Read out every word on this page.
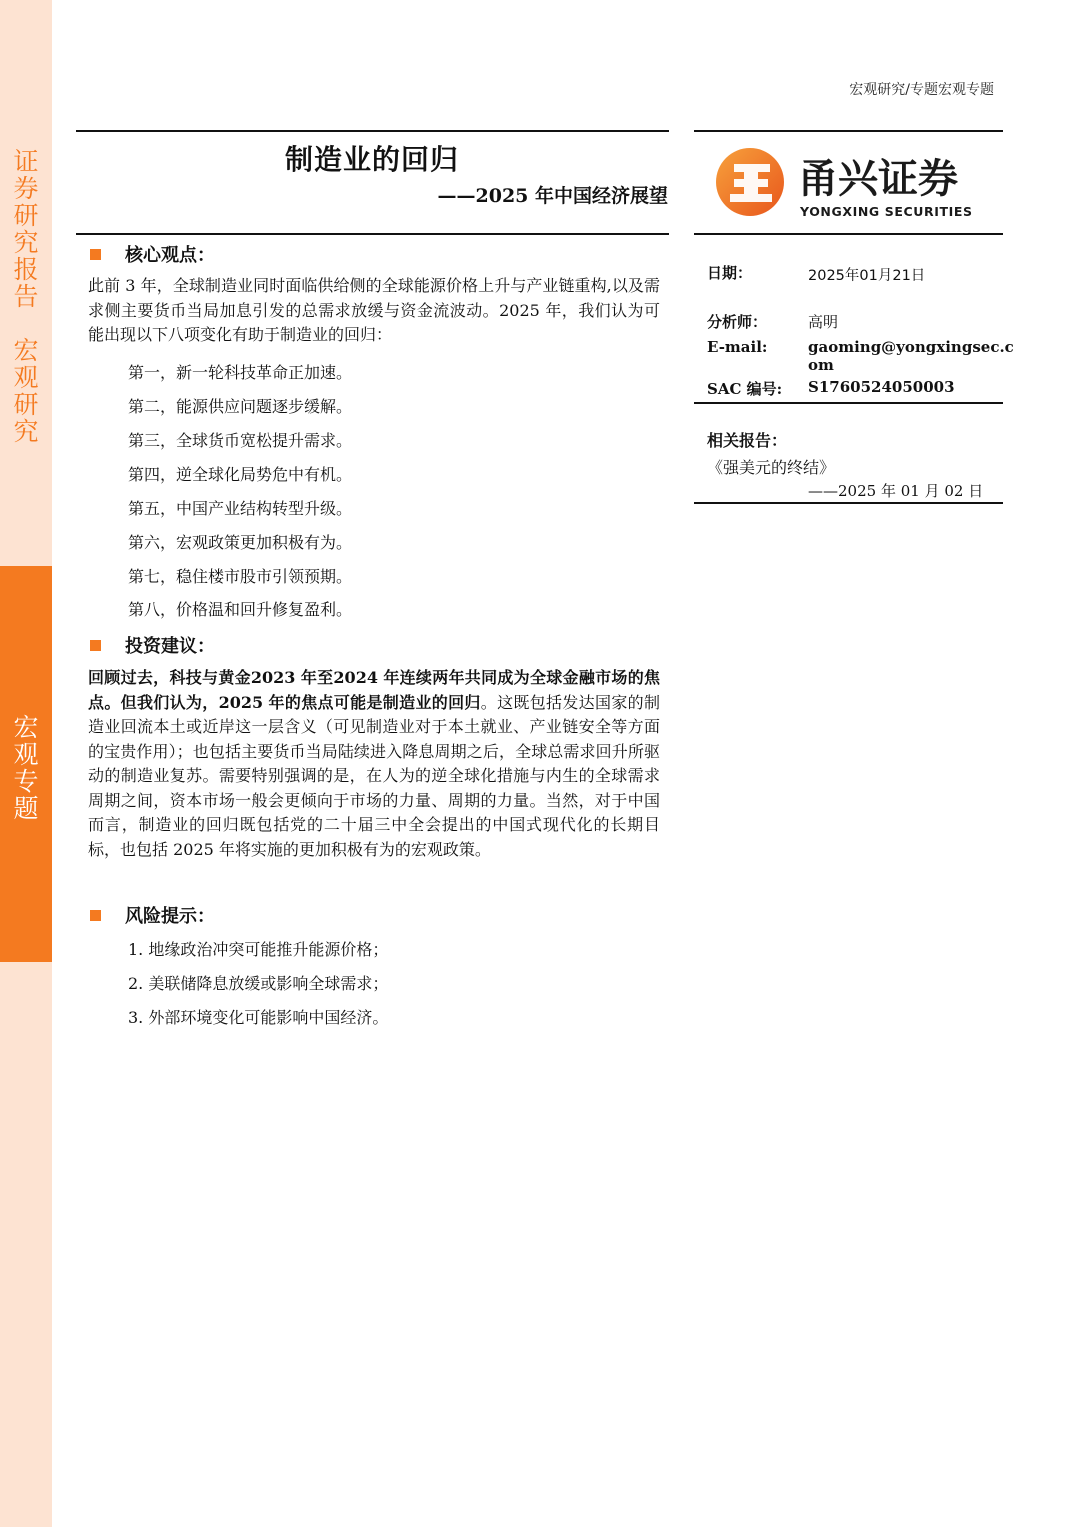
证
券
研
究
报
告

宏
观
研
究
宏
观
专
题
宏观研究/专题宏观专题
制造业的回归
——2025 年中国经济展望
核心观点：
此前 3 年，全球制造业同时面临供给侧的全球能源价格上升与产业链重构,以及需求侧主要货币当局加息引发的总需求放缓与资金流波动。2025 年，我们认为可能出现以下八项变化有助于制造业的回归：
第一，新一轮科技革命正加速。
第二，能源供应问题逐步缓解。
第三，全球货币宽松提升需求。
第四，逆全球化局势危中有机。
第五，中国产业结构转型升级。
第六，宏观政策更加积极有为。
第七，稳住楼市股市引领预期。
第八，价格温和回升修复盈利。
投资建议：
回顾过去，科技与黄金2023 年至2024 年连续两年共同成为全球金融市场的焦点。但我们认为，2025 年的焦点可能是制造业的回归。这既包括发达国家的制造业回流本土或近岸这一层含义（可见制造业对于本土就业、产业链安全等方面的宝贵作用）；也包括主要货币当局陆续进入降息周期之后，全球总需求回升所驱动的制造业复苏。需要特别强调的是，在人为的逆全球化措施与内生的全球需求周期之间，资本市场一般会更倾向于市场的力量、周期的力量。当然，对于中国而言，制造业的回归既包括党的二十届三中全会提出的中国式现代化的长期目标，也包括 2025 年将实施的更加积极有为的宏观政策。
风险提示：
1. 地缘政治冲突可能推升能源价格；
2. 美联储降息放缓或影响全球需求；
3. 外部环境变化可能影响中国经济。
甬兴证券
YONGXING SECURITIES
日期：	2025年01月21日
分析师：	高明
E-mail:	gaoming@yongxingsec.c
om
SAC 编号: S1760524050003
相关报告：
《强美元的终结》
——2025 年 01 月 02 日
